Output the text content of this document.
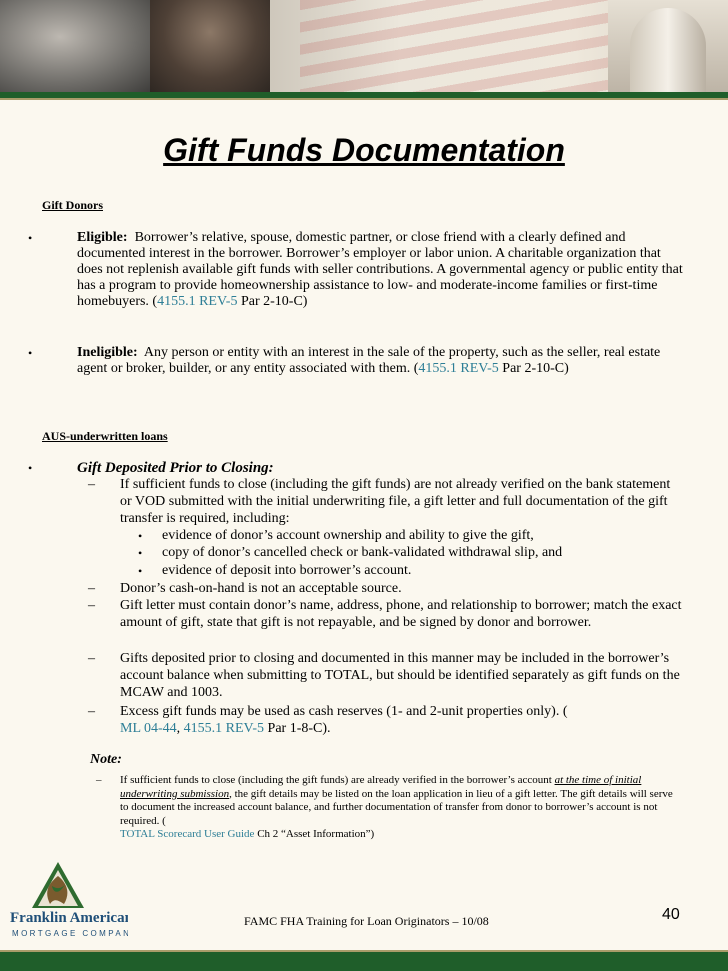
Gift Funds Documentation
Gift Donors
•	Eligible: Borrower’s relative, spouse, domestic partner, or close friend with a clearly defined and documented interest in the borrower. Borrower’s employer or labor union. A charitable organization that does not replenish available gift funds with seller contributions. A governmental agency or public entity that has a program to provide homeownership assistance to low- and moderate-income families or first-time homebuyers. (4155.1 REV-5 Par 2-10-C)
•	Ineligible: Any person or entity with an interest in the sale of the property, such as the seller, real estate agent or broker, builder, or any entity associated with them. (4155.1 REV-5 Par 2-10-C)
AUS-underwritten loans
•	Gift Deposited Prior to Closing:
– If sufficient funds to close (including the gift funds) are not already verified on the bank statement or VOD submitted with the initial underwriting file, a gift letter and full documentation of the gift transfer is required, including:
• evidence of donor’s account ownership and ability to give the gift,
• copy of donor’s cancelled check or bank-validated withdrawal slip, and
• evidence of deposit into borrower’s account.
– Donor’s cash-on-hand is not an acceptable source.
– Gift letter must contain donor’s name, address, phone, and relationship to borrower; match the exact amount of gift, state that gift is not repayable, and be signed by donor and borrower.
– Gifts deposited prior to closing and documented in this manner may be included in the borrower’s account balance when submitting to TOTAL, but should be identified separately as gift funds on the MCAW and 1003.
– Excess gift funds may be used as cash reserves (1- and 2-unit properties only). (
ML 04-44, 4155.1 REV-5 Par 1-8-C).
Note:
– If sufficient funds to close (including the gift funds) are already verified in the borrower’s account at the time of initial underwriting submission, the gift details may be listed on the loan application in lieu of a gift letter. The gift details will serve to document the increased account balance, and further documentation of transfer from donor to borrower’s account is not required. (
TOTAL Scorecard User Guide Ch 2 “Asset Information”)
Franklin American
MORTGAGE COMPANY
FAMC FHA Training for Loan Originators – 10/08	40
